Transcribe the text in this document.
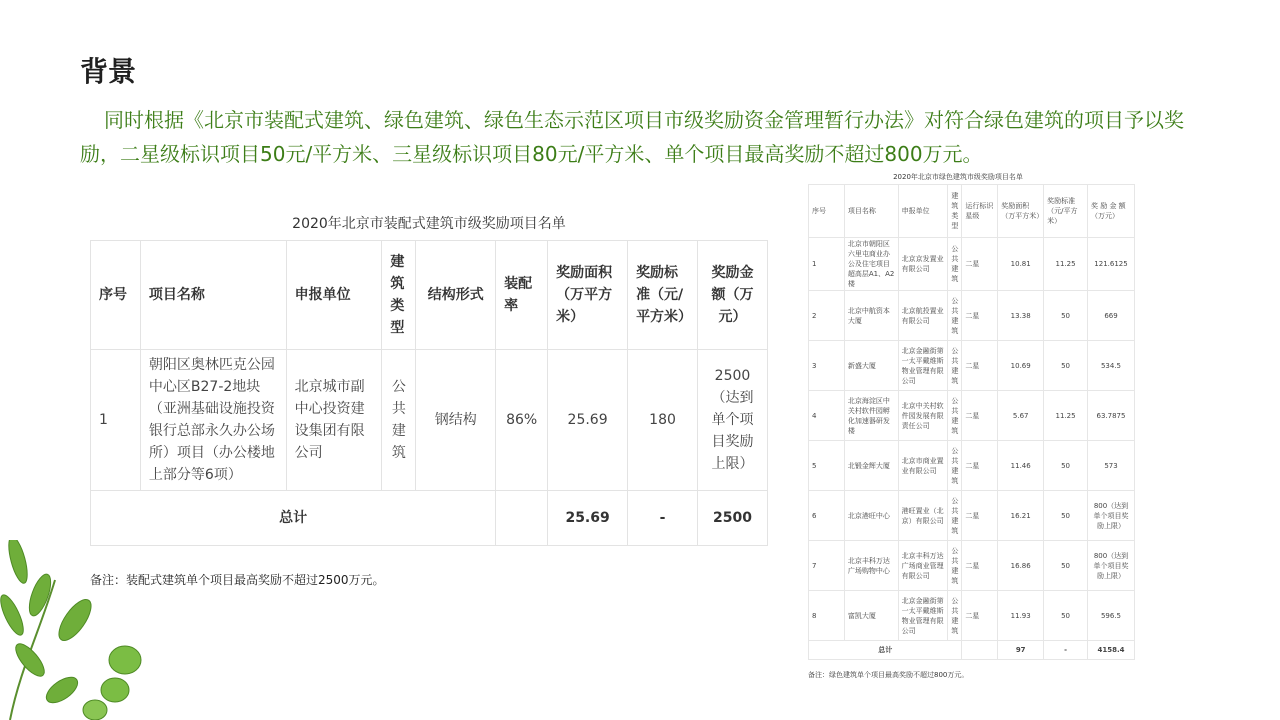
背景
同时根据《北京市装配式建筑、绿色建筑、绿色生态示范区项目市级奖励资金管理暂行办法》对符合绿色建筑的项目予以奖励，二星级标识项目50元/平方米、三星级标识项目80元/平方米、单个项目最高奖励不超过800万元。
2020年北京市装配式建筑市级奖励项目名单
序号	项目名称	申报单位	建筑类型	结构形式	装配率	奖励面积（万平方米）	奖励标准（元/平方米）	奖励金额（万元）
1	朝阳区奥林匹克公园中心区B27-2地块（亚洲基础设施投资银行总部永久办公场所）项目（办公楼地上部分等6项）	北京城市副中心投资建设集团有限公司	公共建筑	钢结构	86%	25.69	180	2500（达到单个项目奖励上限）
总计						25.69	-	2500
备注：装配式建筑单个项目最高奖励不超过2500万元。
2020年北京市绿色建筑市级奖励项目名单
序号	项目名称	申报单位	建筑类型	运行标识星级	奖励面积（万平方米）	奖励标准（元/平方米）	奖 励 金 额（万元）
1	北京市朝阳区六里屯商业办公及住宅项目超高层A1、A2楼	北京京发置业有限公司	公共建筑	二星	10.81	11.25	121.6125
2	北京中航资本大厦	北京航投置业有限公司	公共建筑	二星	13.38	50	669
3	新盛大厦	北京金融街第一太平戴维斯物业管理有限公司	公共建筑	二星	10.69	50	534.5
4	北京海淀区中关村软件园孵化加速器研发楼	北京中关村软件园发展有限责任公司	公共建筑	二星	5.67	11.25	63.7875
5	北锻金辉大厦	北京市商业置业有限公司	公共建筑	二星	11.46	50	573
6	北京港旺中心	港旺置业（北京）有限公司	公共建筑	二星	16.21	50	800（达到单个项目奖励上限）
7	北京丰科万达广场购物中心	北京丰科万达广场商业管理有限公司	公共建筑	二星	16.86	50	800（达到单个项目奖励上限）
8	富凯大厦	北京金融街第一太平戴维斯物业管理有限公司	公共建筑	二星	11.93	50	596.5
总计					97	-	4158.4
备注：绿色建筑单个项目最高奖励不超过800万元。
